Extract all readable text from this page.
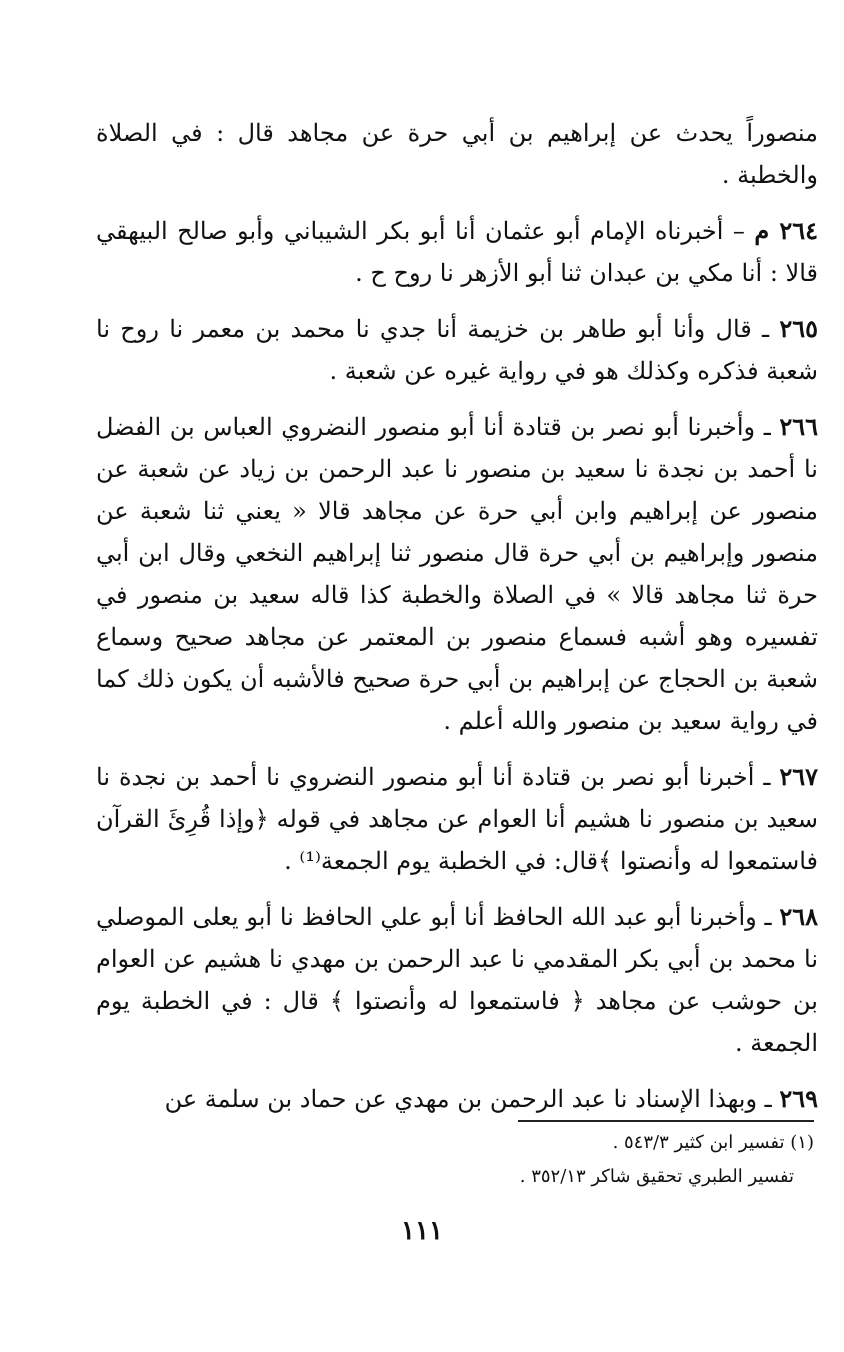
منصوراً يحدث عن إبراهيم بن أبي حرة عن مجاهد قال : في الصلاة والخطبة .

٢٦٤ م – أخبرناه الإمام أبو عثمان أنا أبو بكر الشيباني وأبو صالح البيهقي قالا : أنا مكي بن عبدان ثنا أبو الأزهر نا روح ح .

٢٦٥ ـ قال وأنا أبو طاهر بن خزيمة أنا جدي نا محمد بن معمر نا روح نا شعبة فذكره وكذلك هو في رواية غيره عن شعبة .

٢٦٦ ـ وأخبرنا أبو نصر بن قتادة أنا أبو منصور النضروي العباس بن الفضل نا أحمد بن نجدة نا سعيد بن منصور نا عبد الرحمن بن زياد عن شعبة عن منصور عن إبراهيم وابن أبي حرة عن مجاهد قالا « يعني ثنا شعبة عن منصور وإبراهيم بن أبي حرة قال منصور ثنا إبراهيم النخعي وقال ابن أبي حرة ثنا مجاهد قالا » في الصلاة والخطبة كذا قاله سعيد بن منصور في تفسيره وهو أشبه فسماع منصور بن المعتمر عن مجاهد صحيح وسماع شعبة بن الحجاج عن إبراهيم بن أبي حرة صحيح فالأشبه أن يكون ذلك كما في رواية سعيد بن منصور والله أعلم .

٢٦٧ ـ أخبرنا أبو نصر بن قتادة أنا أبو منصور النضروي نا أحمد بن نجدة نا سعيد بن منصور نا هشيم أنا العوام عن مجاهد في قوله ﴿وإذا قُرِئَ القرآن فاستمعوا له وأنصتوا ﴾قال: في الخطبة يوم الجمعة⁽¹⁾ .

٢٦٨ ـ وأخبرنا أبو عبد الله الحافظ أنا أبو علي الحافظ نا أبو يعلى الموصلي نا محمد بن أبي بكر المقدمي نا عبد الرحمن بن مهدي نا هشيم عن العوام بن حوشب عن مجاهد ﴿ فاستمعوا له وأنصتوا ﴾ قال : في الخطبة يوم الجمعة .

٢٦٩ ـ وبهذا الإسناد نا عبد الرحمن بن مهدي عن حماد بن سلمة عن

(١) تفسير ابن كثير ٥٤٣/٣ .

تفسير الطبري تحقيق شاكر ٣٥٢/١٣ .

١١١
